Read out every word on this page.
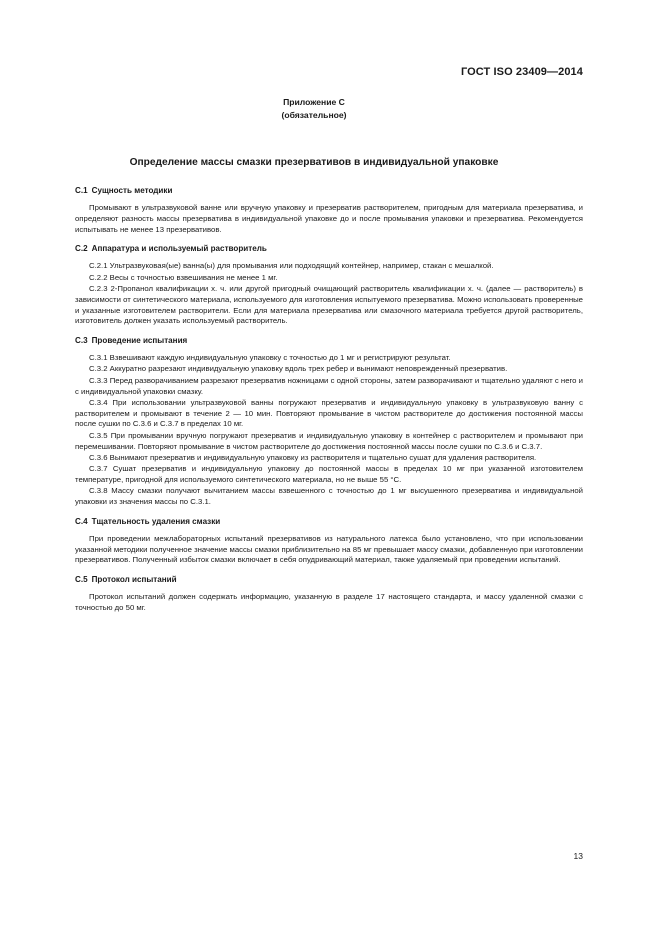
ГОСТ ISO 23409—2014
Приложение С
(обязательное)
Определение массы смазки презервативов в индивидуальной упаковке
С.1 Сущность методики

Промывают в ультразвуковой ванне или вручную упаковку и презерватив растворителем, пригодным для материала презерватива, и определяют разность массы презерватива в индивидуальной упаковке до и после промывания упаковки и презерватива. Рекомендуется испытывать не менее 13 презервативов.

С.2 Аппаратура и используемый растворитель

С.2.1 Ультразвуковая(ые) ванна(ы) для промывания или подходящий контейнер, например, стакан с мешалкой.

С.2.2 Весы с точностью взвешивания не менее 1 мг.

С.2.3 2-Пропанол квалификации х. ч. или другой пригодный очищающий растворитель квалификации х. ч. (далее — растворитель) в зависимости от синтетического материала, используемого для изготовления испытуемого презерватива. Можно использовать проверенные и указанные изготовителем растворители. Если для материала презерватива или смазочного материала требуется другой растворитель, изготовитель должен указать используемый растворитель.

С.3 Проведение испытания

С.3.1 Взвешивают каждую индивидуальную упаковку с точностью до 1 мг и регистрируют результат.

С.3.2 Аккуратно разрезают индивидуальную упаковку вдоль трех ребер и вынимают неповрежденный презерватив.

С.3.3 Перед разворачиванием разрезают презерватив ножницами с одной стороны, затем разворачивают и тщательно удаляют с него и с индивидуальной упаковки смазку.

С.3.4 При использовании ультразвуковой ванны погружают презерватив и индивидуальную упаковку в ультразвуковую ванну с растворителем и промывают в течение 2 — 10 мин. Повторяют промывание в чистом растворителе до достижения постоянной массы после сушки по С.3.6 и С.3.7 в пределах 10 мг.

С.3.5 При промывании вручную погружают презерватив и индивидуальную упаковку в контейнер с растворителем и промывают при перемешивании. Повторяют промывание в чистом растворителе до достижения постоянной массы после сушки по С.3.6 и С.3.7.

С.3.6 Вынимают презерватив и индивидуальную упаковку из растворителя и тщательно сушат для удаления растворителя.

С.3.7 Сушат презерватив и индивидуальную упаковку до постоянной массы в пределах 10 мг при указанной изготовителем температуре, пригодной для используемого синтетического материала, но не выше 55 °С.

С.3.8 Массу смазки получают вычитанием массы взвешенного с точностью до 1 мг высушенного презерватива и индивидуальной упаковки из значения массы по С.3.1.

С.4 Тщательность удаления смазки

При проведении межлабораторных испытаний презервативов из натурального латекса было установлено, что при использовании указанной методики полученное значение массы смазки приблизительно на 85 мг превышает массу смазки, добавленную при изготовлении презервативов. Полученный избыток смазки включает в себя опудривающий материал, также удаляемый при проведении испытаний.

С.5 Протокол испытаний

Протокол испытаний должен содержать информацию, указанную в разделе 17 настоящего стандарта, и массу удаленной смазки с точностью до 50 мг.

13
